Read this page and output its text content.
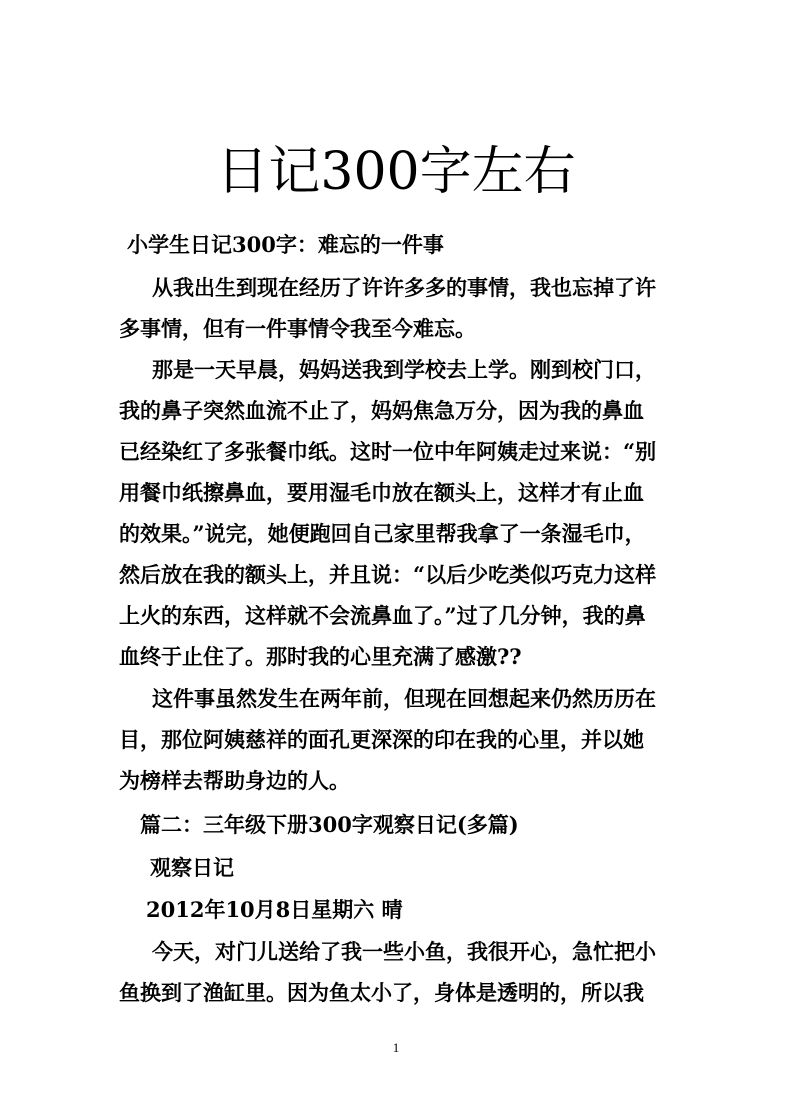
日记300字左右
小学生日记300字：难忘的一件事
从我出生到现在经历了许许多多的事情，我也忘掉了许
多事情，但有一件事情令我至今难忘。
那是一天早晨，妈妈送我到学校去上学。刚到校门口，
我的鼻子突然血流不止了，妈妈焦急万分，因为我的鼻血
已经染红了多张餐巾纸。这时一位中年阿姨走过来说：“别
用餐巾纸擦鼻血，要用湿毛巾放在额头上，这样才有止血
的效果。”说完，她便跑回自己家里帮我拿了一条湿毛巾，
然后放在我的额头上，并且说：“以后少吃类似巧克力这样
上火的东西，这样就不会流鼻血了。”过了几分钟，我的鼻
血终于止住了。那时我的心里充满了感激??
这件事虽然发生在两年前，但现在回想起来仍然历历在
目，那位阿姨慈祥的面孔更深深的印在我的心里，并以她
为榜样去帮助身边的人。
篇二：三年级下册300字观察日记(多篇)
观察日记
2012年10月8日星期六 晴
今天，对门儿送给了我一些小鱼，我很开心，急忙把小
鱼换到了渔缸里。因为鱼太小了，身体是透明的，所以我
1
